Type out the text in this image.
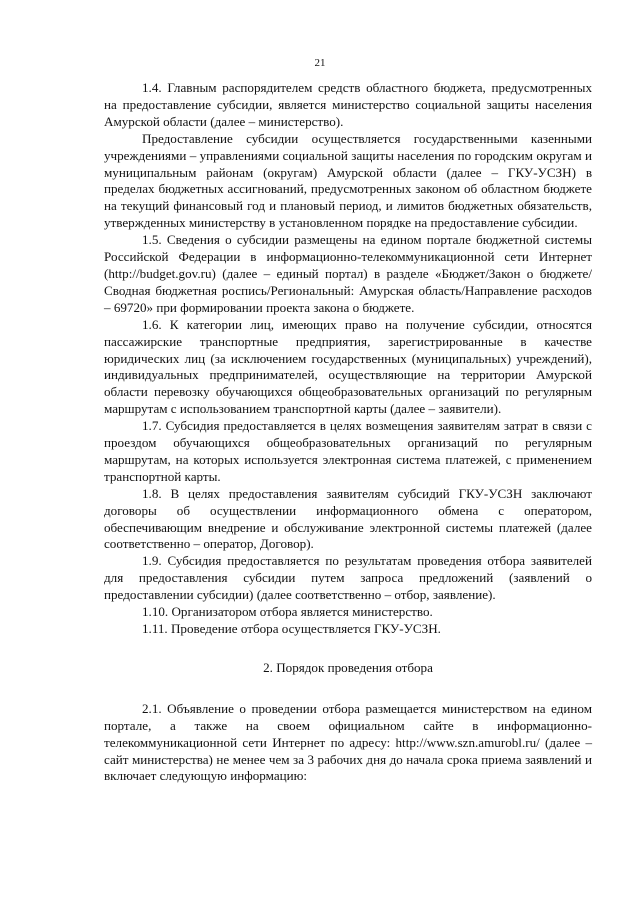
21

1.4. Главным распорядителем средств областного бюджета, предусмотренных на предоставление субсидии, является министерство социальной защиты населения Амурской области (далее – министерство).

Предоставление субсидии осуществляется государственными казенными учреждениями – управлениями социальной защиты населения по городским округам и муниципальным районам (округам) Амурской области (далее – ГКУ-УСЗН) в пределах бюджетных ассигнований, предусмотренных законом об областном бюджете на текущий финансовый год и плановый период, и лимитов бюджетных обязательств, утвержденных министерству в установленном порядке на предоставление субсидии.

1.5. Сведения о субсидии размещены на едином портале бюджетной системы Российской Федерации в информационно-телекоммуникационной сети Интернет (http://budget.gov.ru) (далее – единый портал) в разделе «Бюджет/Закон о бюджете/Сводная бюджетная роспись/Региональный: Амурская область/Направление расходов – 69720» при формировании проекта закона о бюджете.

1.6. К категории лиц, имеющих право на получение субсидии, относятся пассажирские транспортные предприятия, зарегистрированные в качестве юридических лиц (за исключением государственных (муниципальных) учреждений), индивидуальных предпринимателей, осуществляющие на территории Амурской области перевозку обучающихся общеобразовательных организаций по регулярным маршрутам с использованием транспортной карты (далее – заявители).

1.7. Субсидия предоставляется в целях возмещения заявителям затрат в связи с проездом обучающихся общеобразовательных организаций по регулярным маршрутам, на которых используется электронная система платежей, с применением транспортной карты.

1.8. В целях предоставления заявителям субсидий ГКУ-УСЗН заключают договоры об осуществлении информационного обмена с оператором, обеспечивающим внедрение и обслуживание электронной системы платежей (далее соответственно – оператор, Договор).

1.9. Субсидия предоставляется по результатам проведения отбора заявителей для предоставления субсидии путем запроса предложений (заявлений о предоставлении субсидии) (далее соответственно – отбор, заявление).

1.10. Организатором отбора является министерство.

1.11. Проведение отбора осуществляется ГКУ-УСЗН.

2. Порядок проведения отбора

2.1. Объявление о проведении отбора размещается министерством на едином портале, а также на своем официальном сайте в информационно-телекоммуникационной сети Интернет по адресу: http://www.szn.amurobl.ru/ (далее – сайт министерства) не менее чем за 3 рабочих дня до начала срока приема заявлений и включает следующую информацию:
